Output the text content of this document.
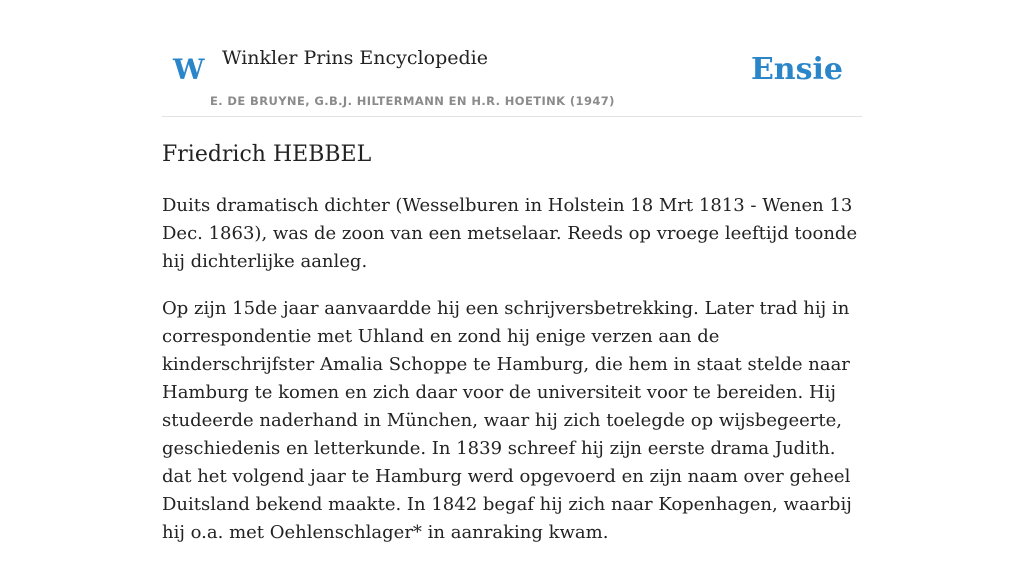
W Winkler Prins Encyclopedie
E. DE BRUYNE, G.B.J. HILTERMANN EN H.R. HOETINK (1947)
Ensie
Friedrich HEBBEL

Duits dramatisch dichter (Wesselburen in Holstein 18 Mrt 1813 - Wenen 13 Dec. 1863), was de zoon van een metselaar. Reeds op vroege leeftijd toonde hij dichterlijke aanleg.

Op zijn 15de jaar aanvaardde hij een schrijversbetrekking. Later trad hij in correspondentie met Uhland en zond hij enige verzen aan de kinderschrijfster Amalia Schoppe te Hamburg, die hem in staat stelde naar Hamburg te komen en zich daar voor de universiteit voor te bereiden. Hij studeerde naderhand in München, waar hij zich toelegde op wijsbegeerte, geschiedenis en letterkunde. In 1839 schreef hij zijn eerste drama Judith. dat het volgend jaar te Hamburg werd opgevoerd en zijn naam over geheel Duitsland bekend maakte. In 1842 begaf hij zich naar Kopenhagen, waarbij hij o.a. met Oehlenschlager* in aanraking kwam.
